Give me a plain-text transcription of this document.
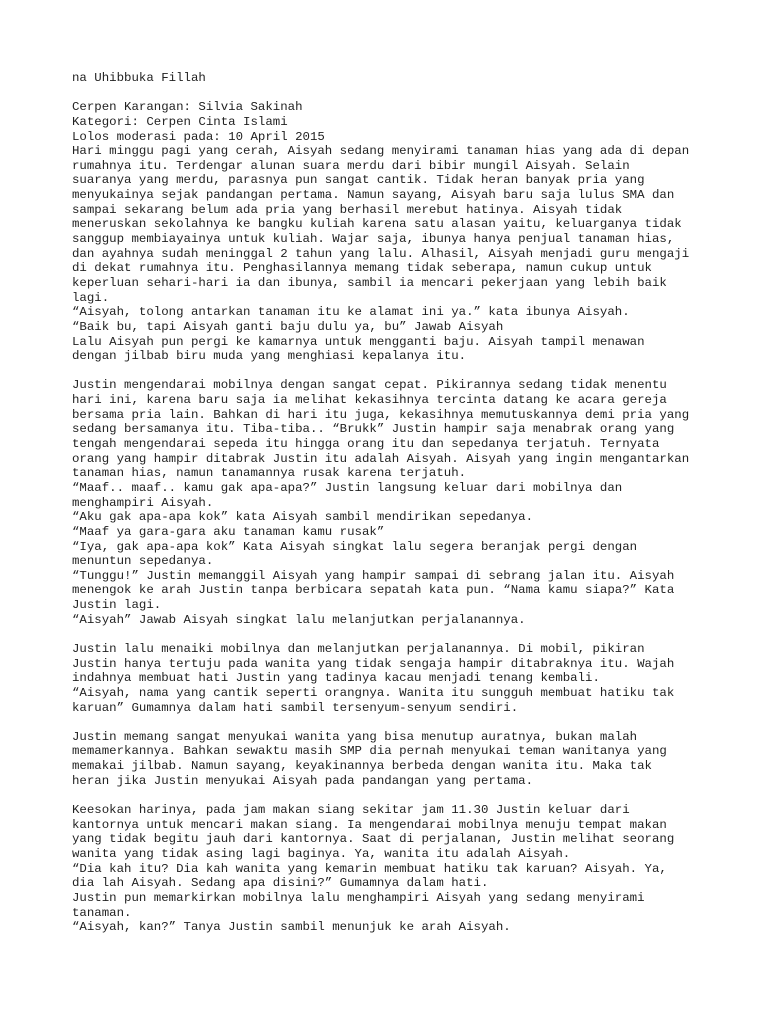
na Uhibbuka Fillah
Cerpen Karangan: Silvia Sakinah
Kategori: Cerpen Cinta Islami
Lolos moderasi pada: 10 April 2015
Hari minggu pagi yang cerah, Aisyah sedang menyirami tanaman hias yang ada di depan
rumahnya itu. Terdengar alunan suara merdu dari bibir mungil Aisyah. Selain
suaranya yang merdu, parasnya pun sangat cantik. Tidak heran banyak pria yang
menyukainya sejak pandangan pertama. Namun sayang, Aisyah baru saja lulus SMA dan
sampai sekarang belum ada pria yang berhasil merebut hatinya. Aisyah tidak
meneruskan sekolahnya ke bangku kuliah karena satu alasan yaitu, keluarganya tidak
sanggup membiayainya untuk kuliah. Wajar saja, ibunya hanya penjual tanaman hias,
dan ayahnya sudah meninggal 2 tahun yang lalu. Alhasil, Aisyah menjadi guru mengaji
di dekat rumahnya itu. Penghasilannya memang tidak seberapa, namun cukup untuk
keperluan sehari-hari ia dan ibunya, sambil ia mencari pekerjaan yang lebih baik
lagi.
“Aisyah, tolong antarkan tanaman itu ke alamat ini ya.” kata ibunya Aisyah.
“Baik bu, tapi Aisyah ganti baju dulu ya, bu” Jawab Aisyah
Lalu Aisyah pun pergi ke kamarnya untuk mengganti baju. Aisyah tampil menawan
dengan jilbab biru muda yang menghiasi kepalanya itu.
Justin mengendarai mobilnya dengan sangat cepat. Pikirannya sedang tidak menentu
hari ini, karena baru saja ia melihat kekasihnya tercinta datang ke acara gereja
bersama pria lain. Bahkan di hari itu juga, kekasihnya memutuskannya demi pria yang
sedang bersamanya itu. Tiba-tiba.. “Brukk” Justin hampir saja menabrak orang yang
tengah mengendarai sepeda itu hingga orang itu dan sepedanya terjatuh. Ternyata
orang yang hampir ditabrak Justin itu adalah Aisyah. Aisyah yang ingin mengantarkan
tanaman hias, namun tanamannya rusak karena terjatuh.
“Maaf.. maaf.. kamu gak apa-apa?” Justin langsung keluar dari mobilnya dan
menghampiri Aisyah.
“Aku gak apa-apa kok” kata Aisyah sambil mendirikan sepedanya.
“Maaf ya gara-gara aku tanaman kamu rusak”
“Iya, gak apa-apa kok” Kata Aisyah singkat lalu segera beranjak pergi dengan
menuntun sepedanya.
“Tunggu!” Justin memanggil Aisyah yang hampir sampai di sebrang jalan itu. Aisyah
menengok ke arah Justin tanpa berbicara sepatah kata pun. “Nama kamu siapa?” Kata
Justin lagi.
“Aisyah” Jawab Aisyah singkat lalu melanjutkan perjalanannya.
Justin lalu menaiki mobilnya dan melanjutkan perjalanannya. Di mobil, pikiran
Justin hanya tertuju pada wanita yang tidak sengaja hampir ditabraknya itu. Wajah
indahnya membuat hati Justin yang tadinya kacau menjadi tenang kembali.
“Aisyah, nama yang cantik seperti orangnya. Wanita itu sungguh membuat hatiku tak
karuan” Gumamnya dalam hati sambil tersenyum-senyum sendiri.
Justin memang sangat menyukai wanita yang bisa menutup auratnya, bukan malah
memamerkannya. Bahkan sewaktu masih SMP dia pernah menyukai teman wanitanya yang
memakai jilbab. Namun sayang, keyakinannya berbeda dengan wanita itu. Maka tak
heran jika Justin menyukai Aisyah pada pandangan yang pertama.
Keesokan harinya, pada jam makan siang sekitar jam 11.30 Justin keluar dari
kantornya untuk mencari makan siang. Ia mengendarai mobilnya menuju tempat makan
yang tidak begitu jauh dari kantornya. Saat di perjalanan, Justin melihat seorang
wanita yang tidak asing lagi baginya. Ya, wanita itu adalah Aisyah.
“Dia kah itu? Dia kah wanita yang kemarin membuat hatiku tak karuan? Aisyah. Ya,
dia lah Aisyah. Sedang apa disini?” Gumamnya dalam hati.
Justin pun memarkirkan mobilnya lalu menghampiri Aisyah yang sedang menyirami
tanaman.
“Aisyah, kan?” Tanya Justin sambil menunjuk ke arah Aisyah.
